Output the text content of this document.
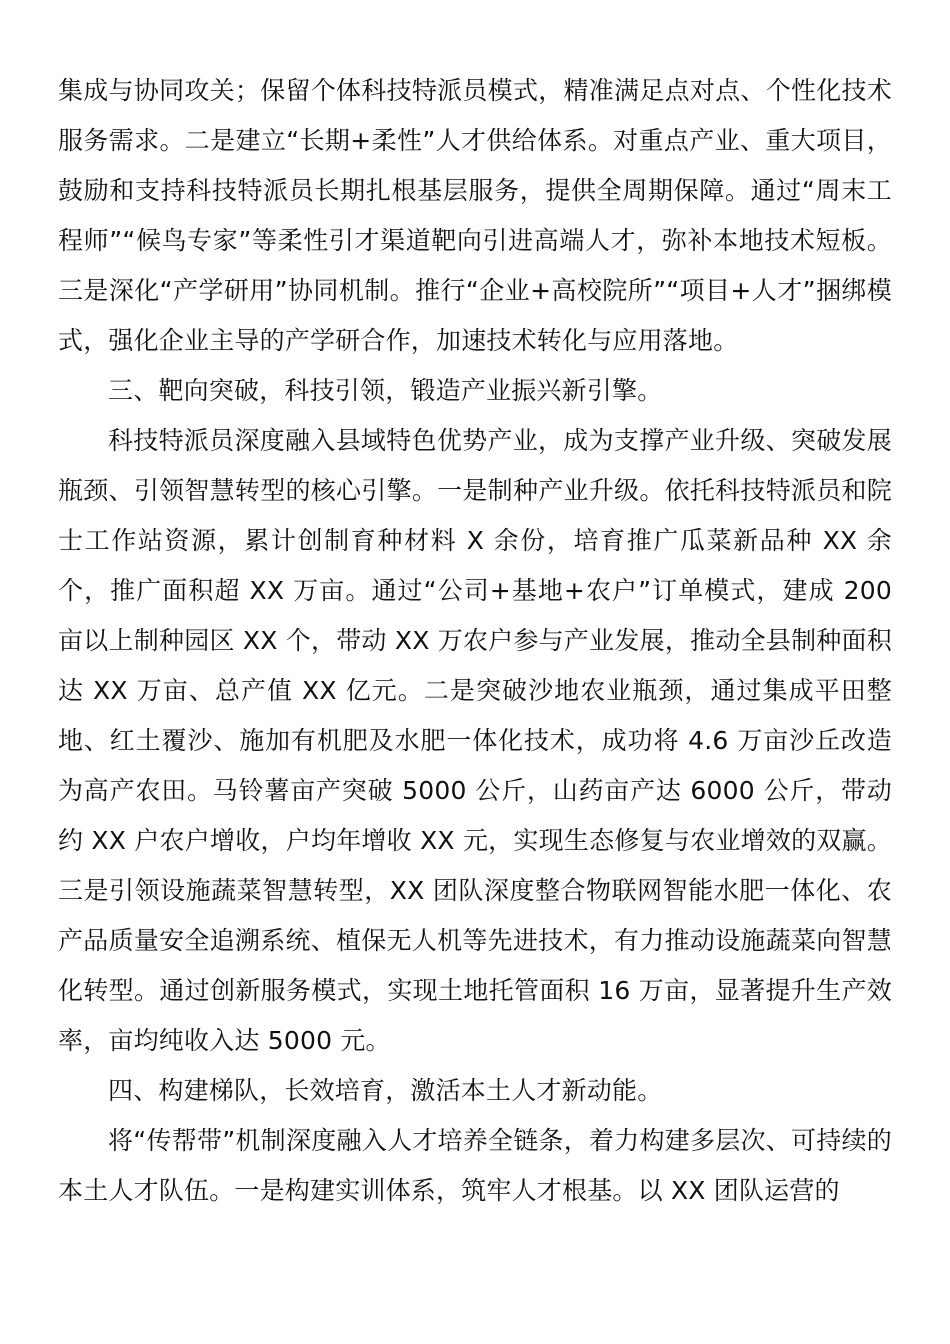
集成与协同攻关；保留个体科技特派员模式，精准满足点对点、个性化技术服务需求。二是建立“长期+柔性”人才供给体系。对重点产业、重大项目，鼓励和支持科技特派员长期扎根基层服务，提供全周期保障。通过“周末工程师”“候鸟专家”等柔性引才渠道靶向引进高端人才，弥补本地技术短板。三是深化“产学研用”协同机制。推行“企业+高校院所”“项目+人才”捆绑模式，强化企业主导的产学研合作，加速技术转化与应用落地。

三、靶向突破，科技引领，锻造产业振兴新引擎。

科技特派员深度融入县域特色优势产业，成为支撑产业升级、突破发展瓶颈、引领智慧转型的核心引擎。一是制种产业升级。依托科技特派员和院士工作站资源，累计创制育种材料 X 余份，培育推广瓜菜新品种 XX 余个，推广面积超 XX 万亩。通过“公司+基地+农户”订单模式，建成 200 亩以上制种园区 XX 个，带动 XX 万农户参与产业发展，推动全县制种面积达 XX 万亩、总产值 XX 亿元。二是突破沙地农业瓶颈，通过集成平田整地、红土覆沙、施加有机肥及水肥一体化技术，成功将 4.6 万亩沙丘改造为高产农田。马铃薯亩产突破 5000 公斤，山药亩产达 6000 公斤，带动约 XX 户农户增收，户均年增收 XX 元，实现生态修复与农业增效的双赢。三是引领设施蔬菜智慧转型，XX 团队深度整合物联网智能水肥一体化、农产品质量安全追溯系统、植保无人机等先进技术，有力推动设施蔬菜向智慧化转型。通过创新服务模式，实现土地托管面积 16 万亩，显著提升生产效率，亩均纯收入达 5000 元。

四、构建梯队，长效培育，激活本土人才新动能。

将“传帮带”机制深度融入人才培养全链条，着力构建多层次、可持续的本土人才队伍。一是构建实训体系，筑牢人才根基。以 XX 团队运营的
